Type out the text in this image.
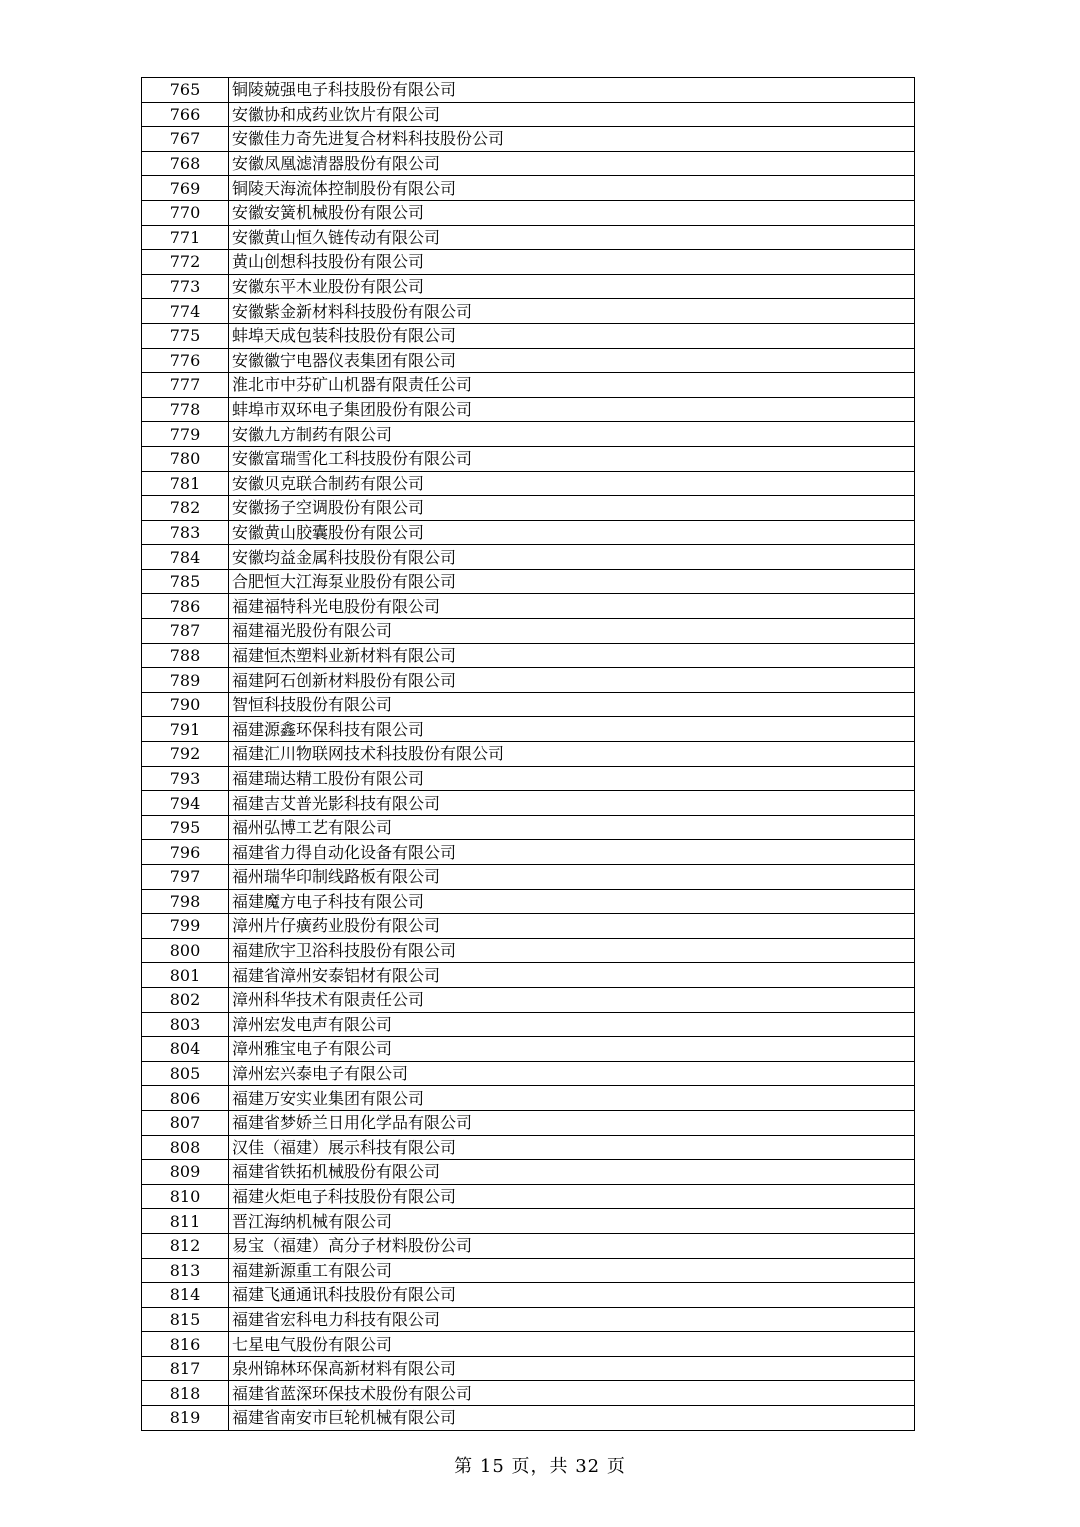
765	铜陵兢强电子科技股份有限公司
766	安徽协和成药业饮片有限公司
767	安徽佳力奇先进复合材料科技股份公司
768	安徽凤凰滤清器股份有限公司
769	铜陵天海流体控制股份有限公司
770	安徽安簧机械股份有限公司
771	安徽黄山恒久链传动有限公司
772	黄山创想科技股份有限公司
773	安徽东平木业股份有限公司
774	安徽紫金新材料科技股份有限公司
775	蚌埠天成包装科技股份有限公司
776	安徽徽宁电器仪表集团有限公司
777	淮北市中芬矿山机器有限责任公司
778	蚌埠市双环电子集团股份有限公司
779	安徽九方制药有限公司
780	安徽富瑞雪化工科技股份有限公司
781	安徽贝克联合制药有限公司
782	安徽扬子空调股份有限公司
783	安徽黄山胶囊股份有限公司
784	安徽均益金属科技股份有限公司
785	合肥恒大江海泵业股份有限公司
786	福建福特科光电股份有限公司
787	福建福光股份有限公司
788	福建恒杰塑料业新材料有限公司
789	福建阿石创新材料股份有限公司
790	智恒科技股份有限公司
791	福建源鑫环保科技有限公司
792	福建汇川物联网技术科技股份有限公司
793	福建瑞达精工股份有限公司
794	福建吉艾普光影科技有限公司
795	福州弘博工艺有限公司
796	福建省力得自动化设备有限公司
797	福州瑞华印制线路板有限公司
798	福建魔方电子科技有限公司
799	漳州片仔癀药业股份有限公司
800	福建欣宇卫浴科技股份有限公司
801	福建省漳州安泰铝材有限公司
802	漳州科华技术有限责任公司
803	漳州宏发电声有限公司
804	漳州雅宝电子有限公司
805	漳州宏兴泰电子有限公司
806	福建万安实业集团有限公司
807	福建省梦娇兰日用化学品有限公司
808	汉佳（福建）展示科技有限公司
809	福建省铁拓机械股份有限公司
810	福建火炬电子科技股份有限公司
811	晋江海纳机械有限公司
812	易宝（福建）高分子材料股份公司
813	福建新源重工有限公司
814	福建飞通通讯科技股份有限公司
815	福建省宏科电力科技有限公司
816	七星电气股份有限公司
817	泉州锦林环保高新材料有限公司
818	福建省蓝深环保技术股份有限公司
819	福建省南安市巨轮机械有限公司
第 15 页，共 32 页
